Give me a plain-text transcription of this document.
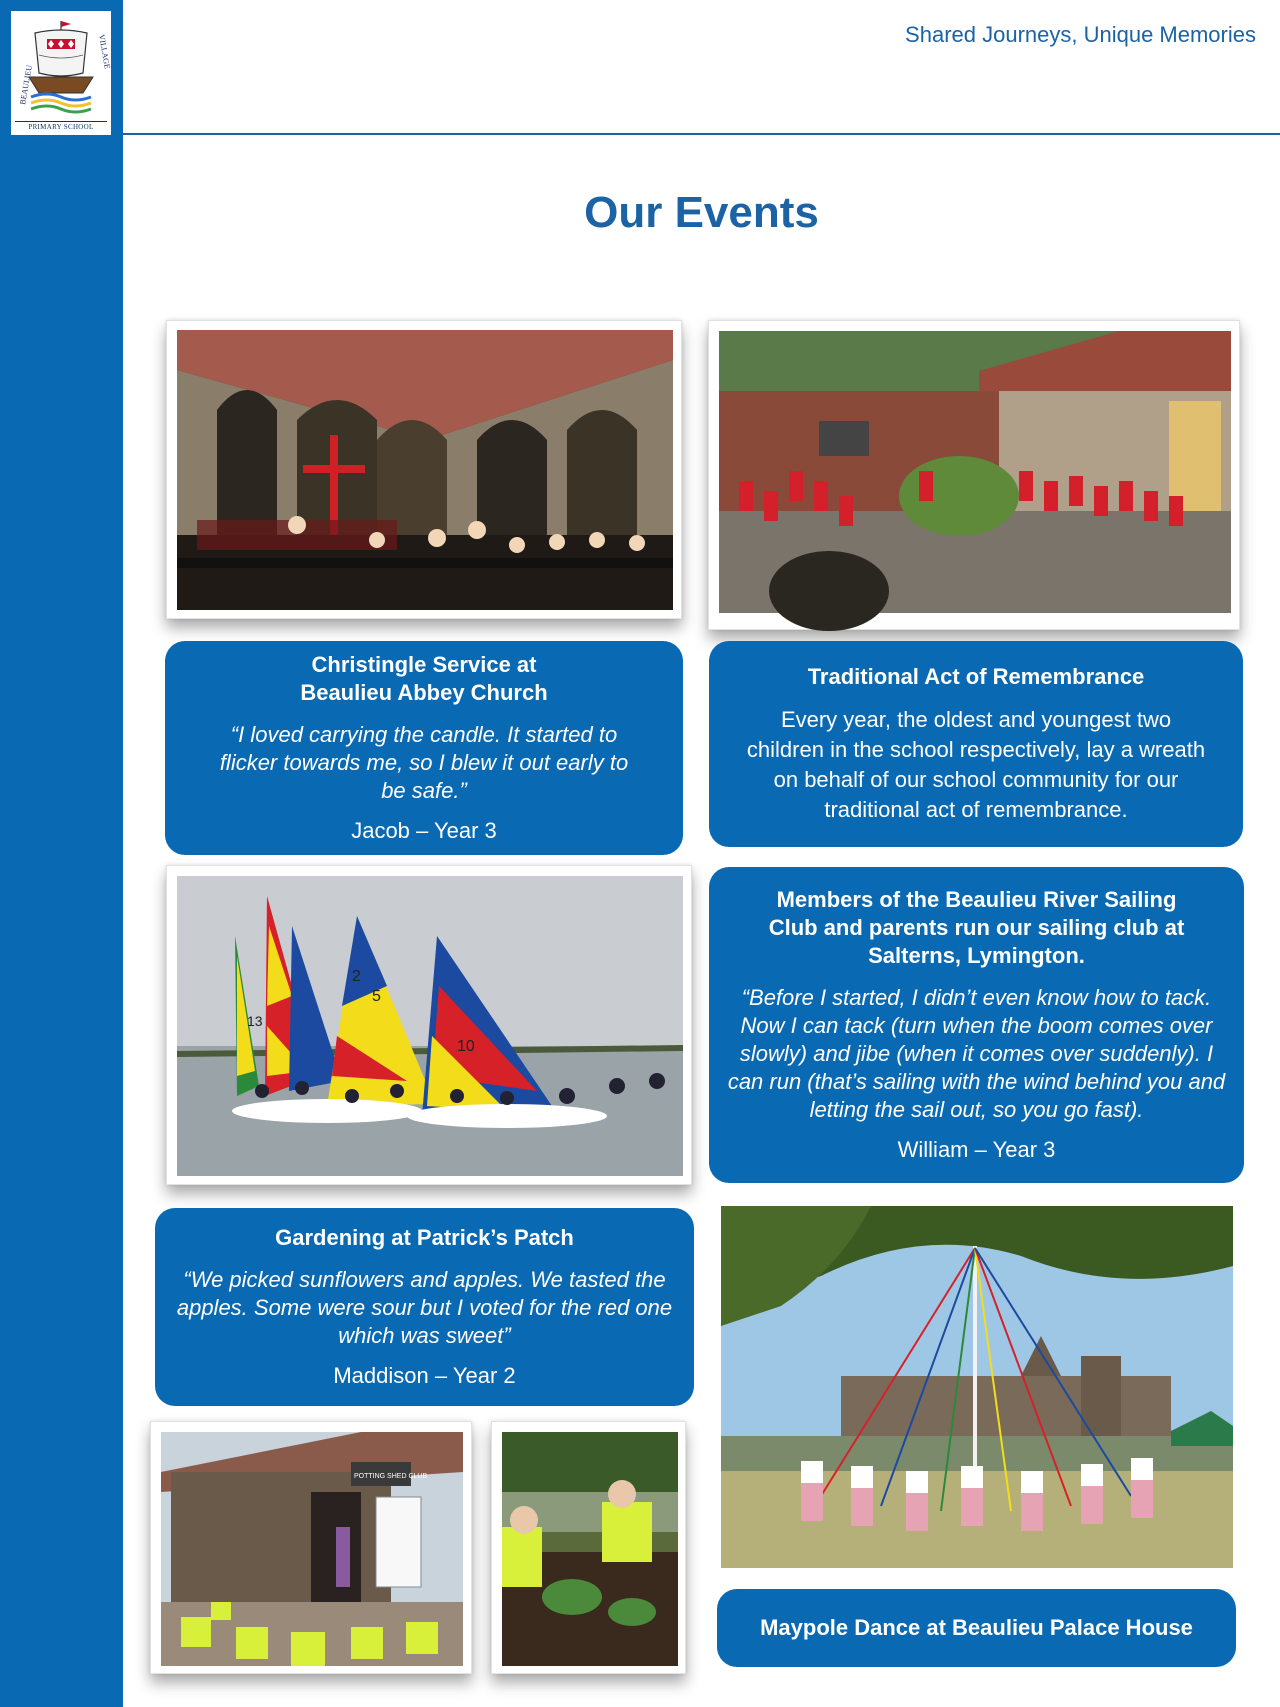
BEAULIEU
VILLAGE
PRIMARY SCHOOL
Shared Journeys, Unique Memories
Our Events
Christingle Service at
Beaulieu Abbey Church
“I loved carrying the candle. It started to flicker towards me, so I blew it out early to be safe.”
Jacob – Year 3
Traditional Act of Remembrance
Every year, the oldest and youngest two children in the school respectively, lay a wreath on behalf of our school community for our traditional act of remembrance.
13
2
5
10
Members of the Beaulieu River Sailing Club and parents run our sailing club at Salterns, Lymington.
“Before I started, I didn’t even know how to tack. Now I can tack (turn when the boom comes over slowly) and jibe (when it comes over suddenly). I can run (that’s sailing with the wind behind you and letting the sail out, so you go fast).
William – Year 3
Gardening at Patrick’s Patch
“We picked sunflowers and apples. We tasted the apples. Some were sour but I voted for the red one which was sweet”
Maddison – Year 2
POTTING SHED CLUB
Maypole Dance at Beaulieu Palace House
